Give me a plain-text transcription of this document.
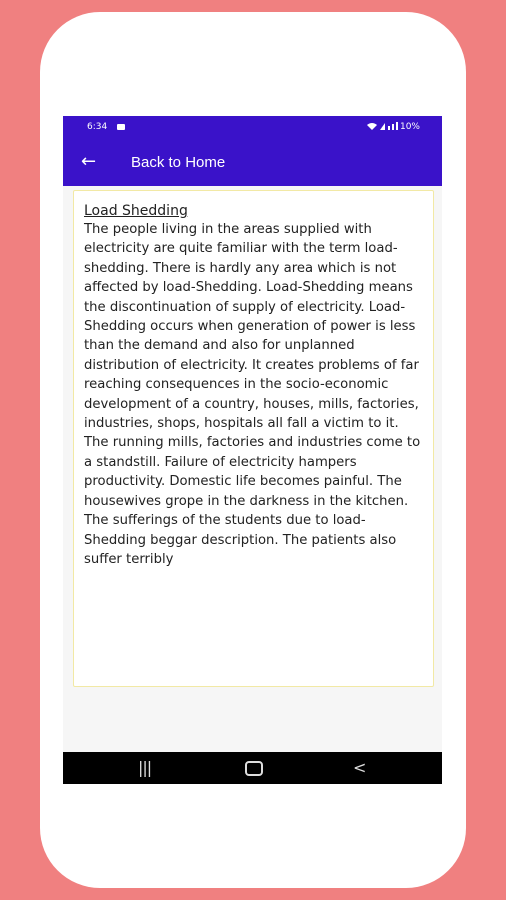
6:34	10%
← Back to Home
Load Shedding
The people living in the areas supplied with electricity are quite familiar with the term load-shedding. There is hardly any area which is not affected by load-Shedding. Load-Shedding means the discontinuation of supply of electricity. Load-Shedding occurs when generation of power is less than the demand and also for unplanned distribution of electricity. It creates problems of far reaching consequences in the socio-economic development of a country, houses, mills, factories, industries, shops, hospitals all fall a victim to it. The running mills, factories and industries come to a standstill. Failure of electricity hampers productivity. Domestic life becomes painful. The housewives grope in the darkness in the kitchen. The sufferings of the students due to load-Shedding beggar description. The patients also suffer terribly
|||	<
